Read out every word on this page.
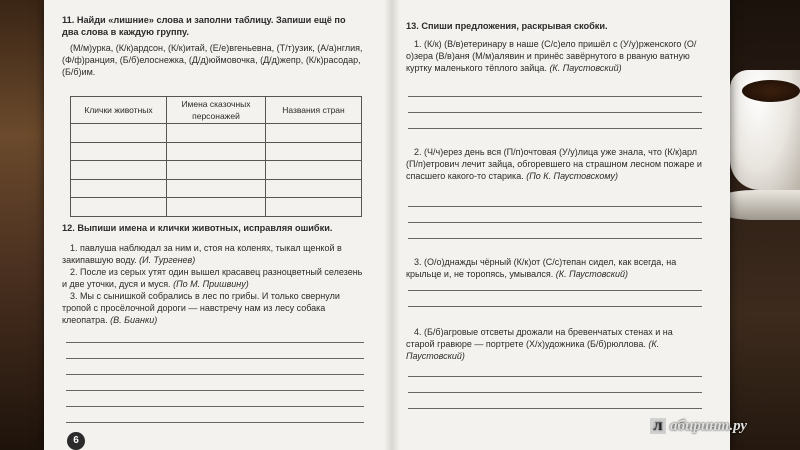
11. Найди «лишние» слова и заполни таблицу. Запиши ещё по два слова в каждую группу.

(М/м)урка, (К/к)ардсон, (К/к)итай, (Е/е)вгеньевна, (Т/т)узик, (А/а)нглия, (Ф/ф)ранция, (Б/б)елоснежка, (Д/д)юймовочка, (Д/д)жепр, (К/к)расодар, (Б/б)им.

Клички животных	Имена сказочных персонажей	Названия стран

12. Выпиши имена и клички животных, исправляя ошибки.

1. павлуша наблюдал за ним и, стоя на коленях, тыкал щенкой в закипавшую воду. (И. Тургенев)

2. После из серых утят один вышел красавец разноцветный селезень и две уточки, дуся и муся. (По М. Пришвину)

3. Мы с сынишкой собрались в лес по грибы. И только свернули тропой с просёлочной дороги — навстречу нам из лесу собака клеопатра. (В. Бианки)

6

13. Спиши предложения, раскрывая скобки.

1. (К/к) (В/в)етеринару в наше (С/с)ело пришёл с (У/у)рженского (О/о)зера (В/в)аня (М/м)алявин и принёс завёрнутого в рваную ватную куртку маленького тёплого зайца. (К. Паустовский)

2. (Ч/ч)ерез день вся (П/п)очтовая (У/у)лица уже знала, что (К/к)арл (П/п)етрович лечит зайца, обгоревшего на страшном лесном пожаре и спасшего какого-то старика. (По К. Паустовскому)

3. (О/о)днажды чёрный (К/к)от (С/с)тепан сидел, как всегда, на крыльце и, не торопясь, умывался. (К. Паустовский)

4. (Б/б)агровые отсветы дрожали на бревенчатых стенах и на старой гравюре — портрете (Х/х)удожника (Б/б)рюллова. (К. Паустовский)

Л абиринт.ру
